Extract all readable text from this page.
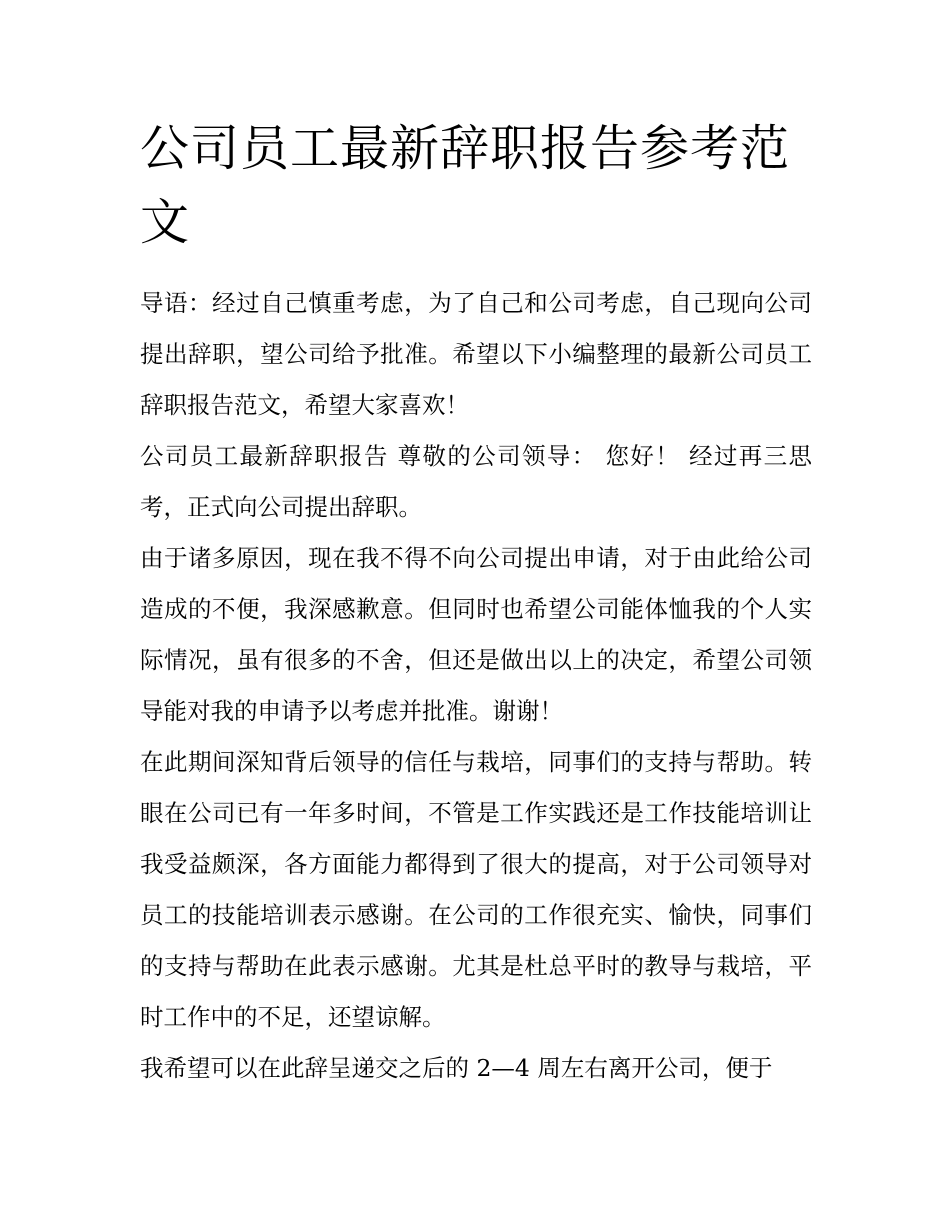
公司员工最新辞职报告参考范文

导语：经过自己慎重考虑，为了自己和公司考虑，自己现向公司提出辞职，望公司给予批准。希望以下小编整理的最新公司员工辞职报告范文，希望大家喜欢！

公司员工最新辞职报告 尊敬的公司领导： 您好！ 经过再三思考，正式向公司提出辞职。

由于诸多原因，现在我不得不向公司提出申请，对于由此给公司造成的不便，我深感歉意。但同时也希望公司能体恤我的个人实际情况，虽有很多的不舍，但还是做出以上的决定，希望公司领导能对我的申请予以考虑并批准。谢谢！

在此期间深知背后领导的信任与栽培，同事们的支持与帮助。转眼在公司已有一年多时间，不管是工作实践还是工作技能培训让我受益颇深，各方面能力都得到了很大的提高，对于公司领导对员工的技能培训表示感谢。在公司的工作很充实、愉快，同事们的支持与帮助在此表示感谢。尤其是杜总平时的教导与栽培，平时工作中的不足，还望谅解。

我希望可以在此辞呈递交之后的 2—4 周左右离开公司，便于
